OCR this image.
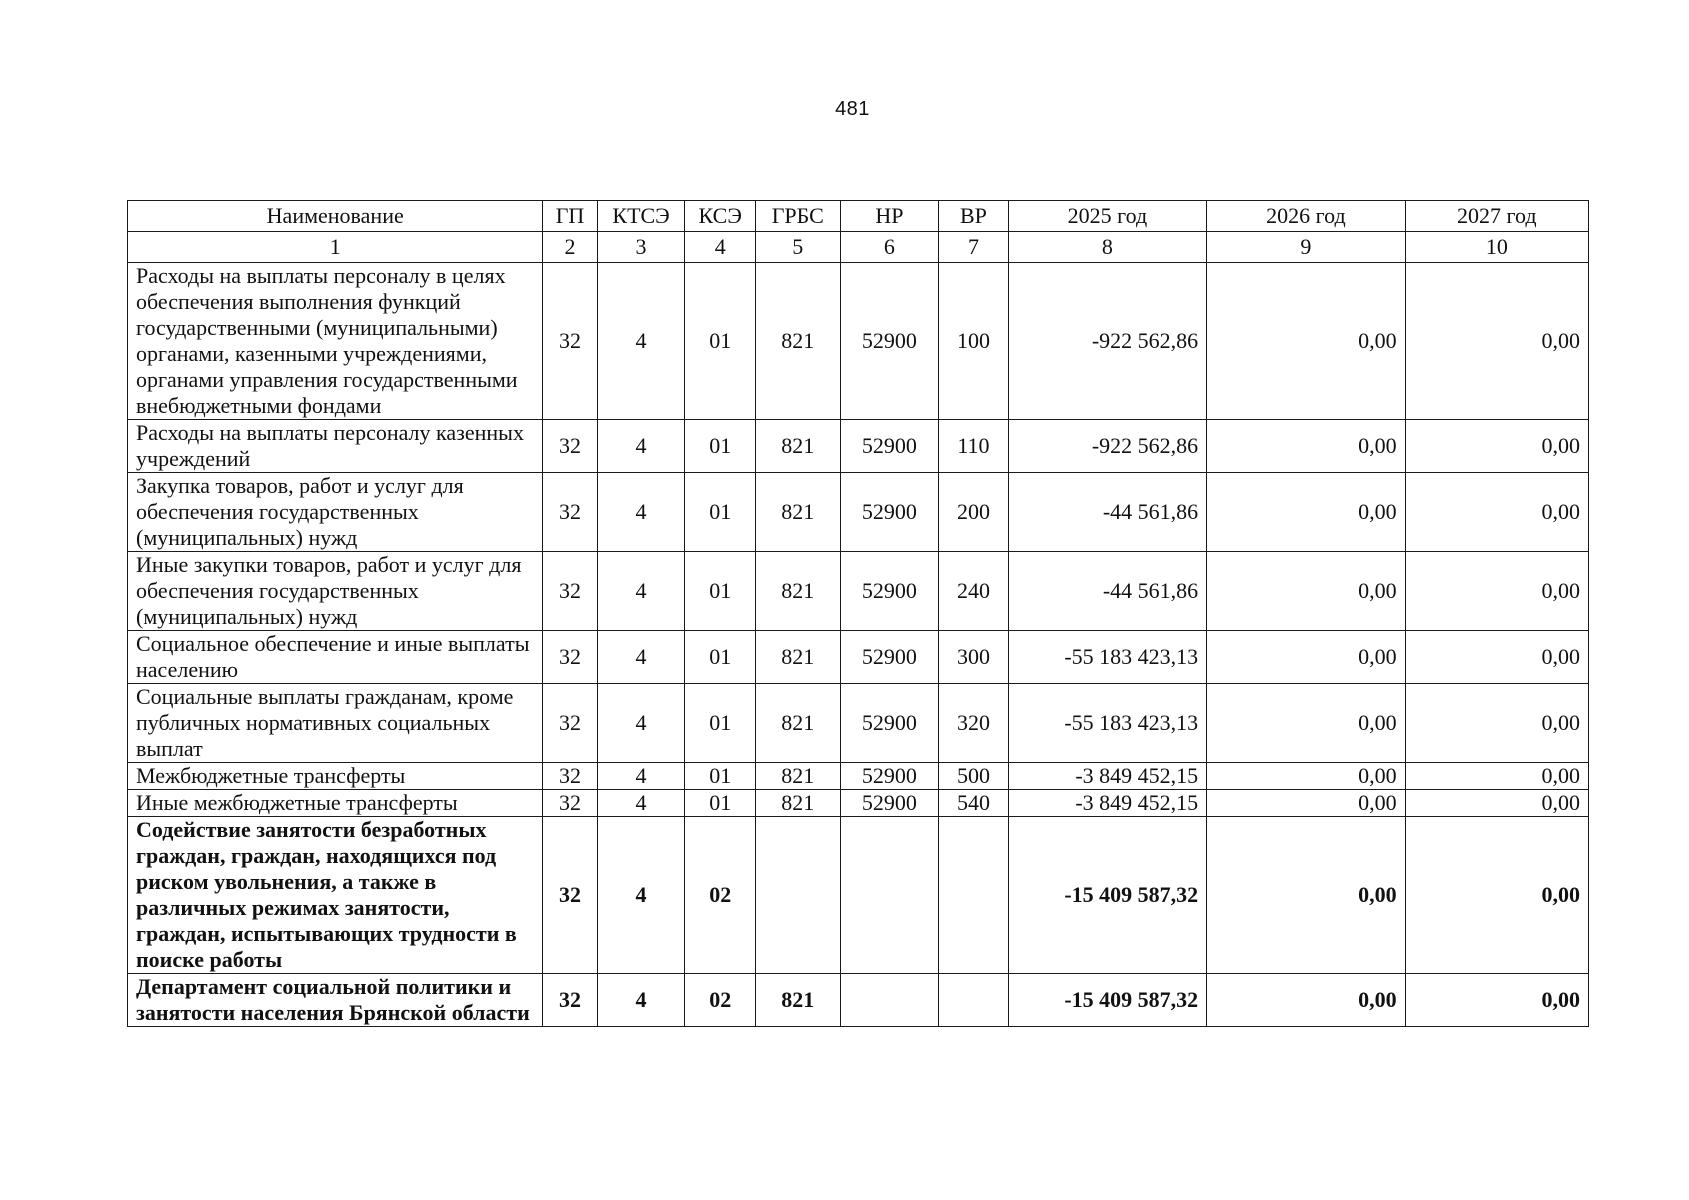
481
Наименование	ГП	КТСЭ	КСЭ	ГРБС	НР	ВР	2025 год	2026 год	2027 год
1	2	3	4	5	6	7	8	9	10
Расходы на выплаты персоналу в целях обеспечения выполнения функций государственными (муниципальными) органами, казенными учреждениями, органами управления государственными внебюджетными фондами	32	4	01	821	52900	100	-922 562,86	0,00	0,00
Расходы на выплаты персоналу казенных учреждений	32	4	01	821	52900	110	-922 562,86	0,00	0,00
Закупка товаров, работ и услуг для обеспечения государственных (муниципальных) нужд	32	4	01	821	52900	200	-44 561,86	0,00	0,00
Иные закупки товаров, работ и услуг для обеспечения государственных (муниципальных) нужд	32	4	01	821	52900	240	-44 561,86	0,00	0,00
Социальное обеспечение и иные выплаты населению	32	4	01	821	52900	300	-55 183 423,13	0,00	0,00
Социальные выплаты гражданам, кроме публичных нормативных социальных выплат	32	4	01	821	52900	320	-55 183 423,13	0,00	0,00
Межбюджетные трансферты	32	4	01	821	52900	500	-3 849 452,15	0,00	0,00
Иные межбюджетные трансферты	32	4	01	821	52900	540	-3 849 452,15	0,00	0,00
Содействие занятости безработных граждан, граждан, находящихся под риском увольнения, а также в различных режимах занятости, граждан, испытывающих трудности в поиске работы	32	4	02				-15 409 587,32	0,00	0,00
Департамент социальной политики и занятости населения Брянской области	32	4	02	821			-15 409 587,32	0,00	0,00
